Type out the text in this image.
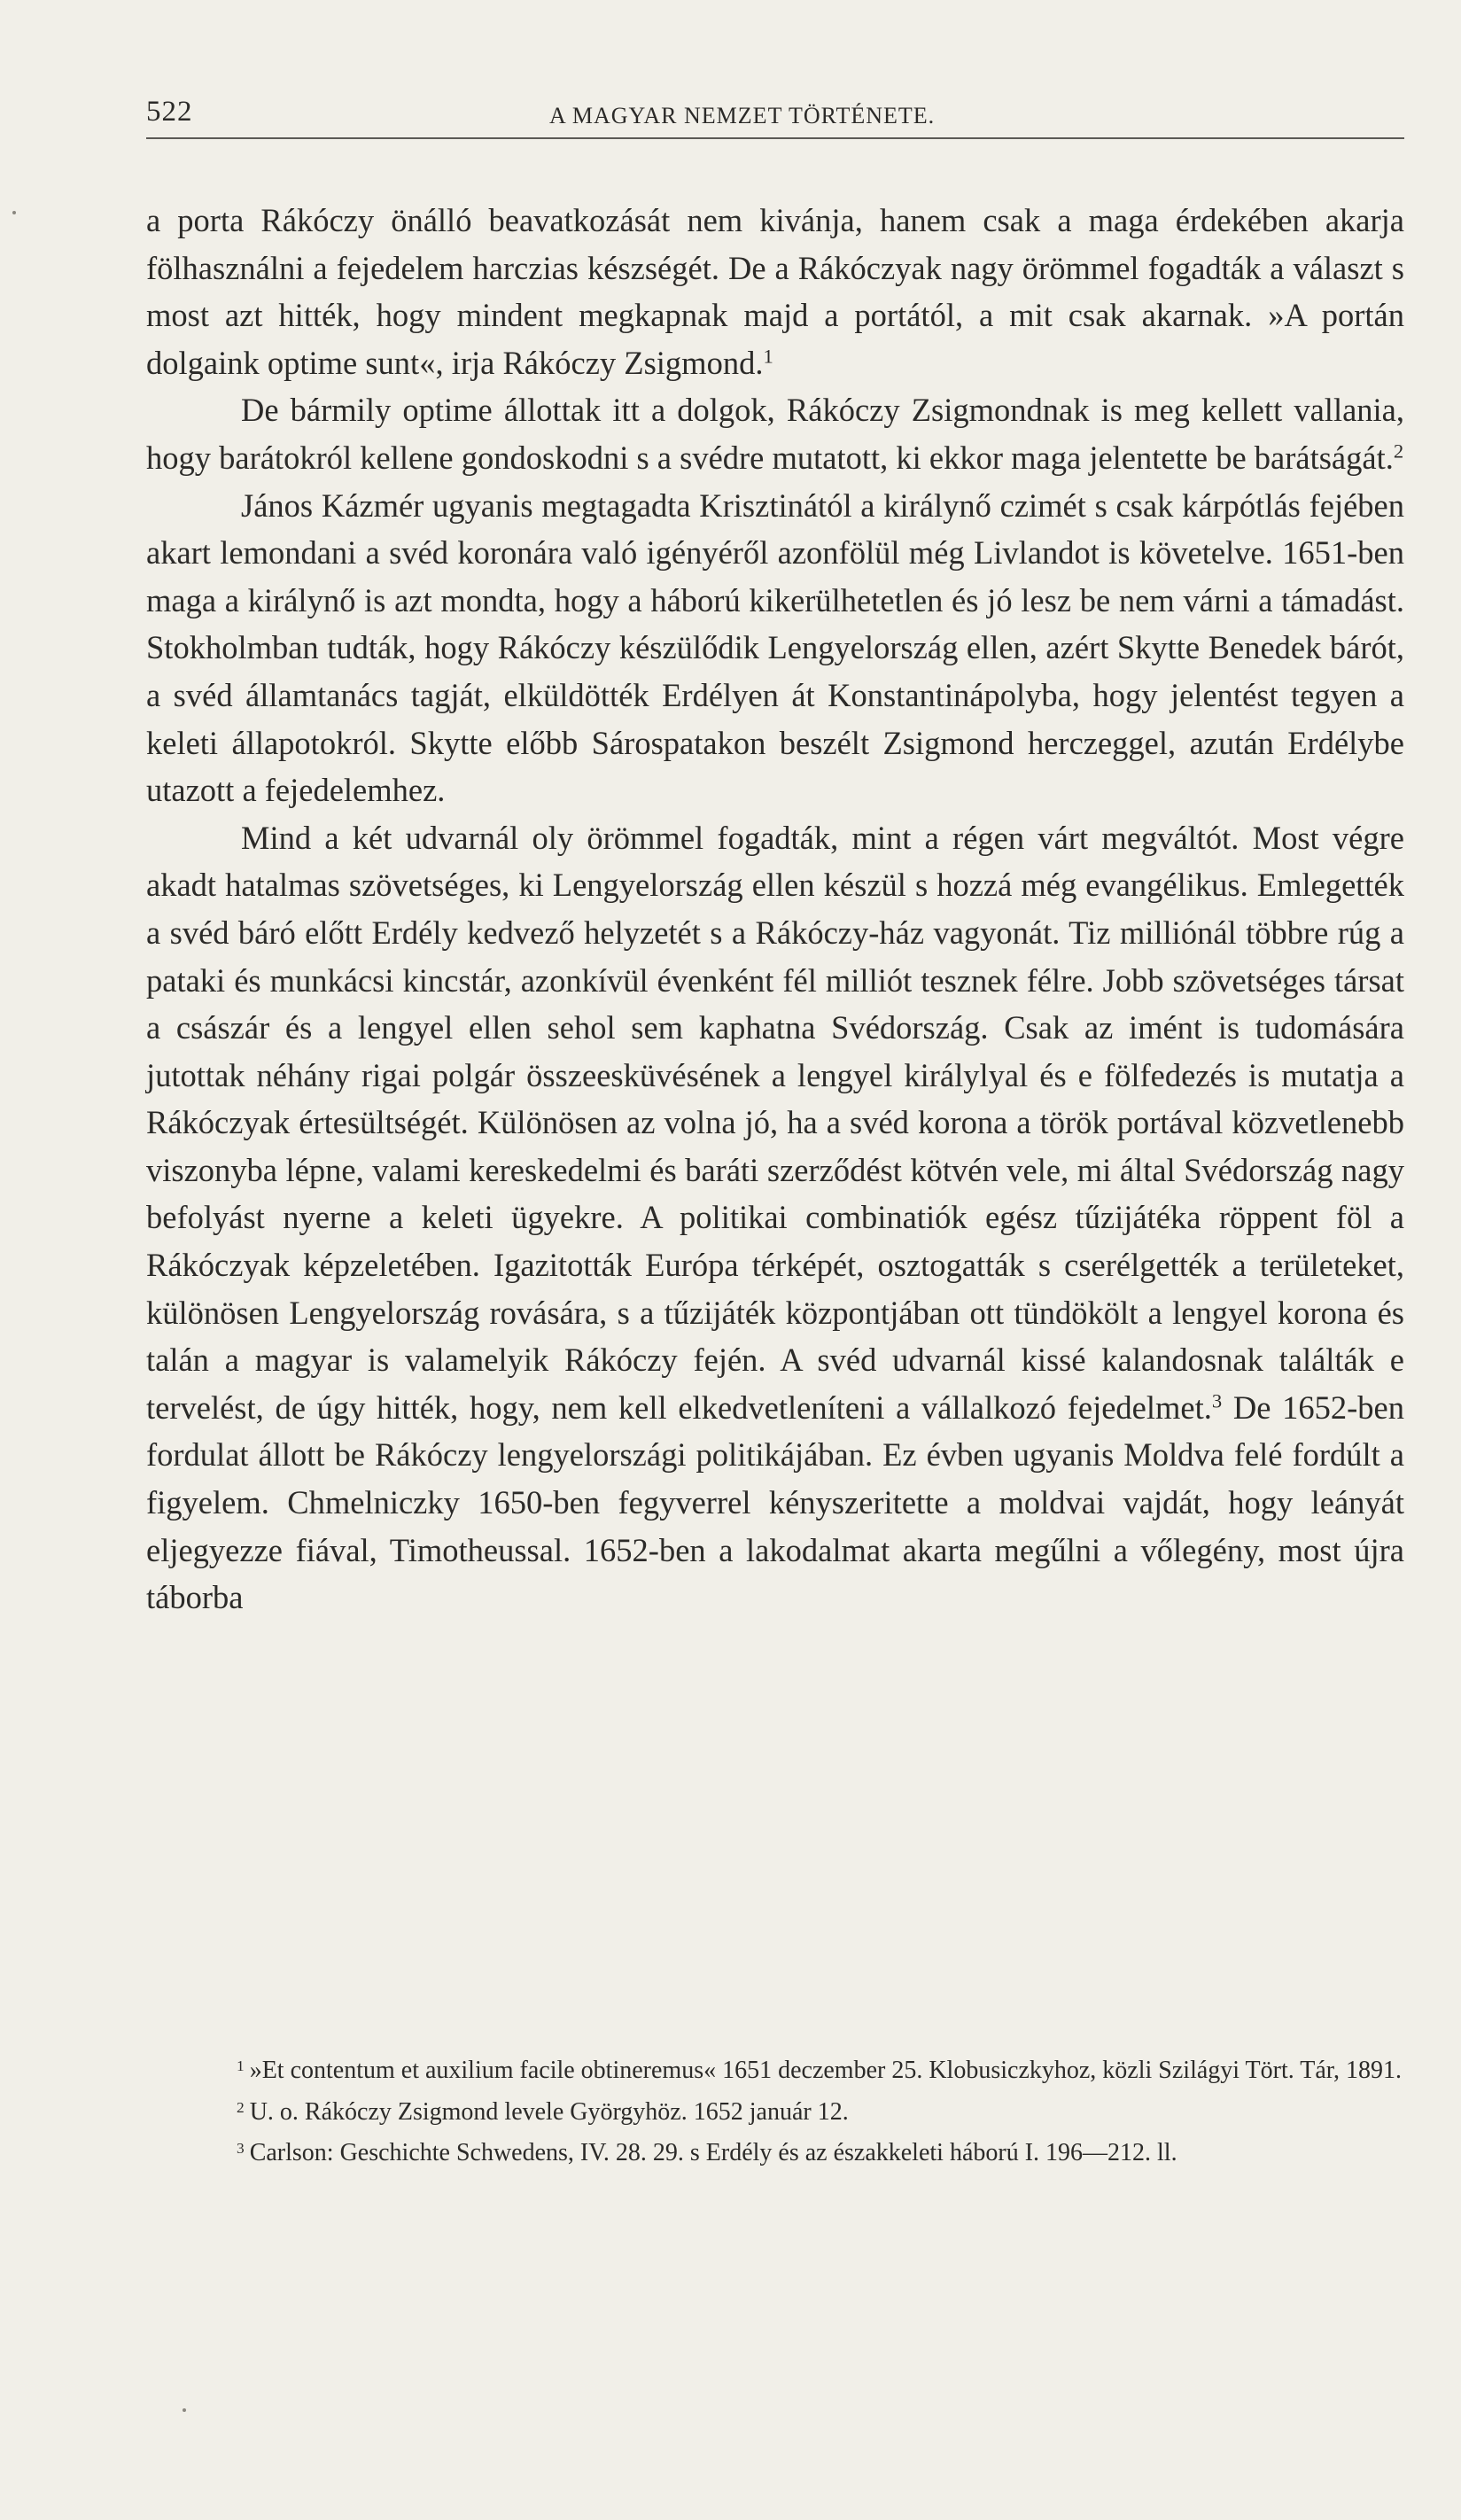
522	A MAGYAR NEMZET TÖRTÉNETE.

a porta Rákóczy önálló beavatkozását nem kivánja, hanem csak a maga érdekében akarja fölhasználni a fejedelem harczias készségét. De a Rákóczyak nagy örömmel fogadták a választ s most azt hitték, hogy mindent megkapnak majd a portától, a mit csak akarnak. »A portán dolgaink optime sunt«, irja Rákóczy Zsigmond.$^1$

De bármily optime állottak itt a dolgok, Rákóczy Zsigmondnak is meg kellett vallania, hogy barátokról kellene gondoskodni s a svédre mutatott, ki ekkor maga jelentette be barátságát.$^2$

János Kázmér ugyanis megtagadta Krisztinától a királynő czimét s csak kárpótlás fejében akart lemondani a svéd koronára való igényéről azonfölül még Livlandot is követelve. 1651-ben maga a királynő is azt mondta, hogy a háború kikerülhetetlen és jó lesz be nem várni a támadást. Stokholmban tudták, hogy Rákóczy készülődik Lengyelország ellen, azért Skytte Benedek bárót, a svéd államtanács tagját, elküldötték Erdélyen át Konstantinápolyba, hogy jelentést tegyen a keleti állapotokról. Skytte előbb Sárospatakon beszélt Zsigmond herczeggel, azután Erdélybe utazott a fejedelemhez.

Mind a két udvarnál oly örömmel fogadták, mint a régen várt megváltót. Most végre akadt hatalmas szövetséges, ki Lengyelország ellen készül s hozzá még evangélikus. Emlegették a svéd báró előtt Erdély kedvező helyzetét s a Rákóczy-ház vagyonát. Tiz milliónál többre rúg a pataki és munkácsi kincstár, azonkívül évenként fél milliót tesznek félre. Jobb szövetséges társat a császár és a lengyel ellen sehol sem kaphatna Svédország. Csak az imént is tudomására jutottak néhány rigai polgár összeesküvésének a lengyel királylyal és e fölfedezés is mutatja a Rákóczyak értesültségét. Különösen az volna jó, ha a svéd korona a török portával közvetlenebb viszonyba lépne, valami kereskedelmi és baráti szerződést kötvén vele, mi által Svédország nagy befolyást nyerne a keleti ügyekre. A politikai combinatiók egész tűzijátéka röppent föl a Rákóczyak képzeletében. Igazitották Európa térképét, osztogatták s cserélgették a területeket, különösen Lengyelország rovására, s a tűzijáték központjában ott tündökölt a lengyel korona és talán a magyar is valamelyik Rákóczy fején. A svéd udvarnál kissé kalandosnak találták e tervelést, de úgy hitték, hogy, nem kell elkedvetleníteni a vállalkozó fejedelmet.$^3$ De 1652-ben fordulat állott be Rákóczy lengyelországi politikájában. Ez évben ugyanis Moldva felé fordúlt a figyelem. Chmelniczky 1650-ben fegyverrel kényszeritette a moldvai vajdát, hogy leányát eljegyezze fiával, Timotheussal. 1652-ben a lakodalmat akarta megűlni a vőlegény, most újra táborba

$^1$ »Et contentum et auxilium facile obtineremus« 1651 deczember 25. Klobusiczkyhoz, közli Szilágyi Tört. Tár, 1891.

$^2$ U. o. Rákóczy Zsigmond levele Györgyhöz. 1652 január 12.

$^3$ Carlson: Geschichte Schwedens, IV. 28. 29. s Erdély és az északkeleti háború I. 196—212. ll.
